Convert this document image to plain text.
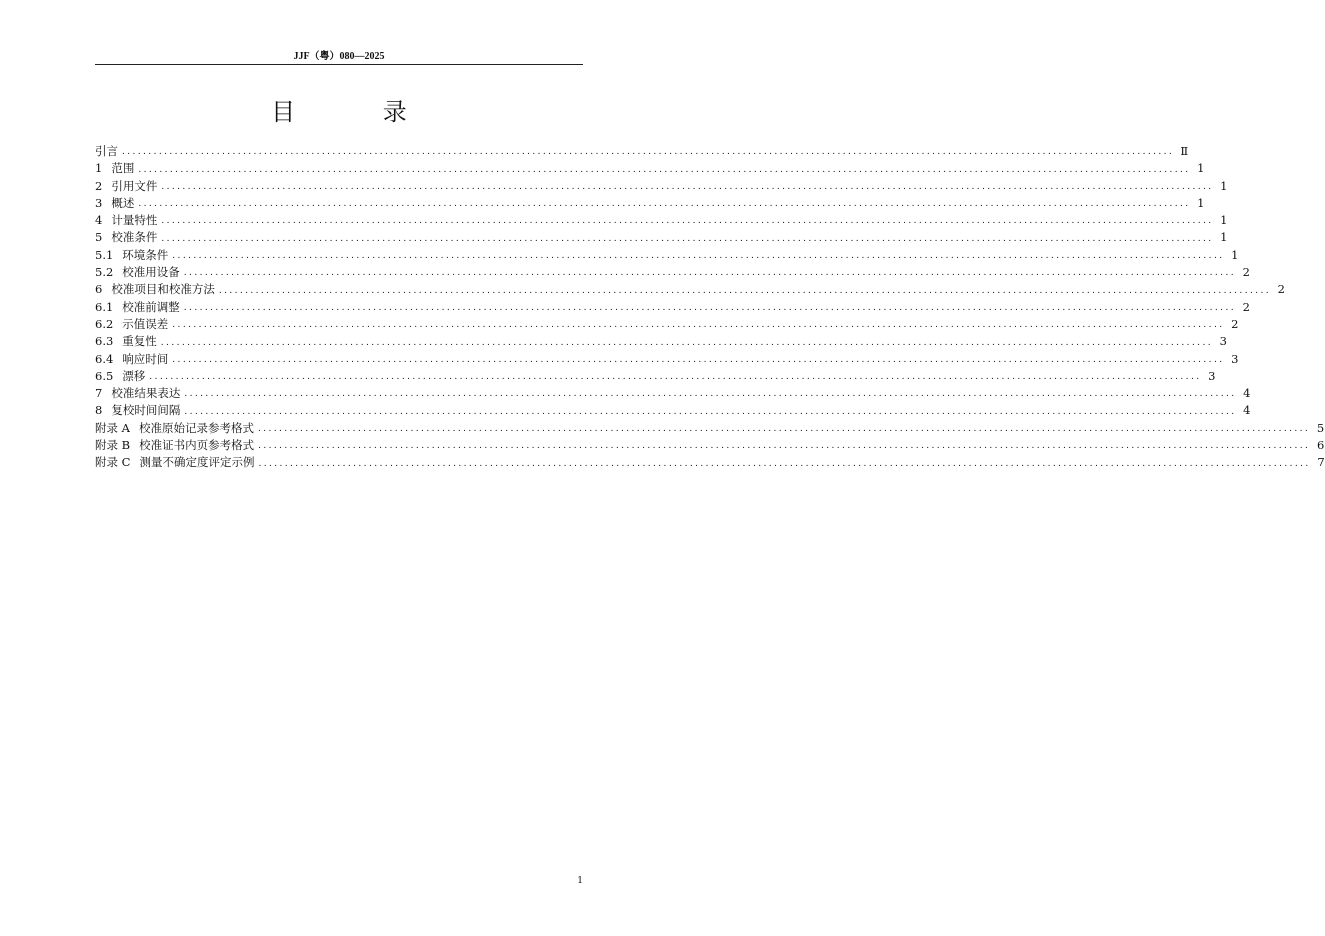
JJF（粤）080—2025
目 录
引言 ........................................................................................................................................................................................................ Ⅱ
1 范围 ........................................................................................................................................................................................................ 1
2 引用文件 ........................................................................................................................................................................................................ 1
3 概述 ........................................................................................................................................................................................................ 1
4 计量特性 ........................................................................................................................................................................................................ 1
5 校准条件 ........................................................................................................................................................................................................ 1
5.1 环境条件 ........................................................................................................................................................................................................ 1
5.2 校准用设备 ........................................................................................................................................................................................................ 2
6 校准项目和校准方法 ........................................................................................................................................................................................................ 2
6.1 校准前调整 ........................................................................................................................................................................................................ 2
6.2 示值误差 ........................................................................................................................................................................................................ 2
6.3 重复性 ........................................................................................................................................................................................................ 3
6.4 响应时间 ........................................................................................................................................................................................................ 3
6.5 漂移 ........................................................................................................................................................................................................ 3
7 校准结果表达 ........................................................................................................................................................................................................ 4
8 复校时间间隔 ........................................................................................................................................................................................................ 4
附录 A 校准原始记录参考格式 ........................................................................................................................................................................................................ 5
附录 B 校准证书内页参考格式 ........................................................................................................................................................................................................ 6
附录 C 测量不确定度评定示例 ........................................................................................................................................................................................................ 7
1
